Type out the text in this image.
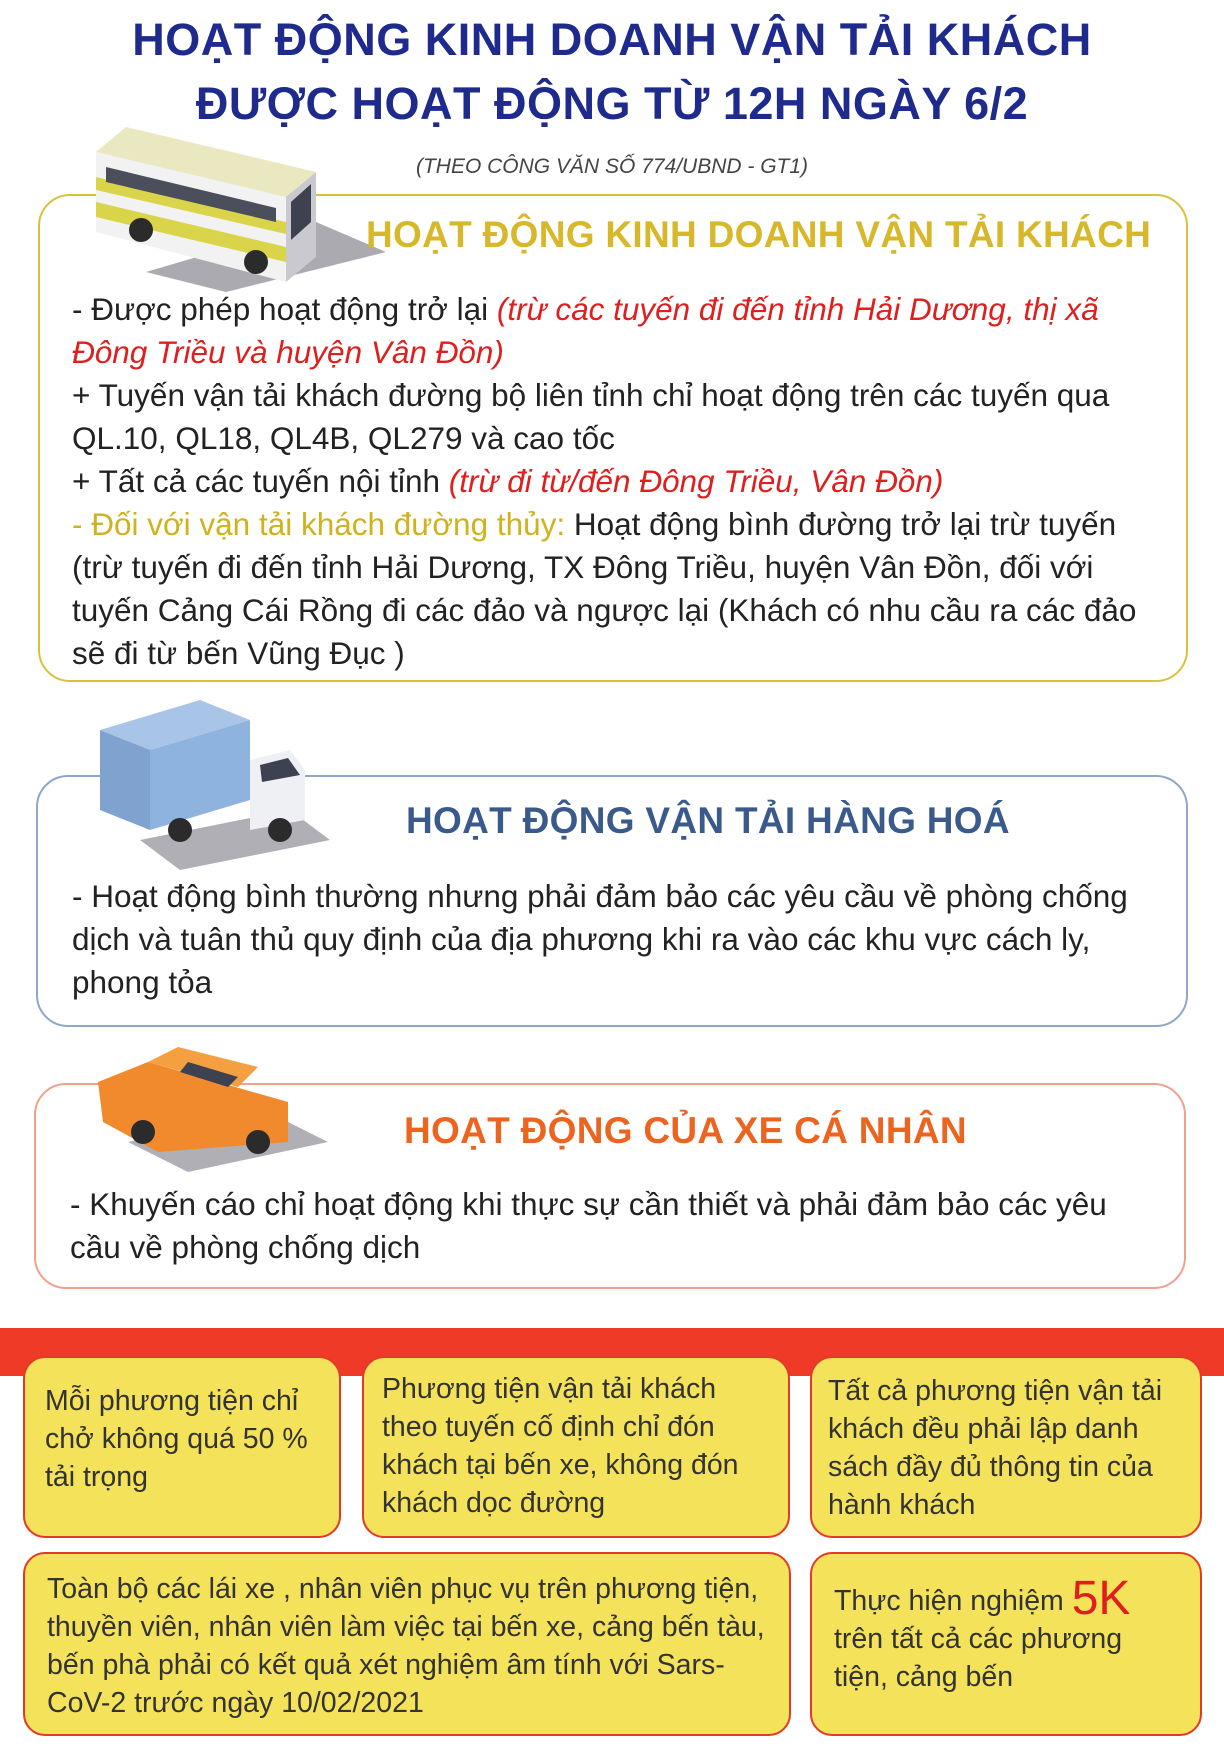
HOẠT ĐỘNG KINH DOANH VẬN TẢI KHÁCH
ĐƯỢC HOẠT ĐỘNG TỪ 12H NGÀY 6/2
(THEO CÔNG VĂN SỐ 774/UBND - GT1)
HOẠT ĐỘNG KINH DOANH VẬN TẢI KHÁCH
- Được phép hoạt động trở lại (trừ các tuyến đi đến tỉnh Hải Dương, thị xã Đông Triều và huyện Vân Đồn)
+ Tuyến vận tải khách đường bộ liên tỉnh chỉ hoạt động trên các tuyến qua QL.10, QL18, QL4B, QL279 và cao tốc
+ Tất cả các tuyến nội tỉnh (trừ đi từ/đến Đông Triều, Vân Đồn)
- Đối với vận tải khách đường thủy: Hoạt động bình đường trở lại trừ tuyến (trừ tuyến đi đến tỉnh Hải Dương, TX Đông Triều, huyện Vân Đồn, đối với tuyến Cảng Cái Rồng đi các đảo và ngược lại (Khách có nhu cầu ra các đảo sẽ đi từ bến Vũng Đục )
HOẠT ĐỘNG VẬN TẢI HÀNG HOÁ
- Hoạt động bình thường nhưng phải đảm bảo các yêu cầu về phòng chống dịch và tuân thủ quy định của địa phương khi ra vào các khu vực cách ly, phong tỏa
HOẠT ĐỘNG CỦA XE CÁ NHÂN
- Khuyến cáo chỉ hoạt động khi thực sự cần thiết và phải đảm bảo các yêu cầu về phòng chống dịch
Mỗi phương tiện chỉ chở không quá 50 % tải trọng
Phương tiện vận tải khách theo tuyến cố định chỉ đón khách tại bến xe, không đón khách dọc đường
Tất cả phương tiện vận tải khách đều phải lập danh sách đầy đủ thông tin của hành khách
Toàn bộ các lái xe , nhân viên phục vụ trên phương tiện, thuyền viên, nhân viên làm việc tại bến xe, cảng bến tàu, bến phà phải có kết quả xét nghiệm âm tính với Sars-CoV-2 trước ngày 10/02/2021
Thực hiện nghiệm 5K trên tất cả các phương tiện, cảng bến
